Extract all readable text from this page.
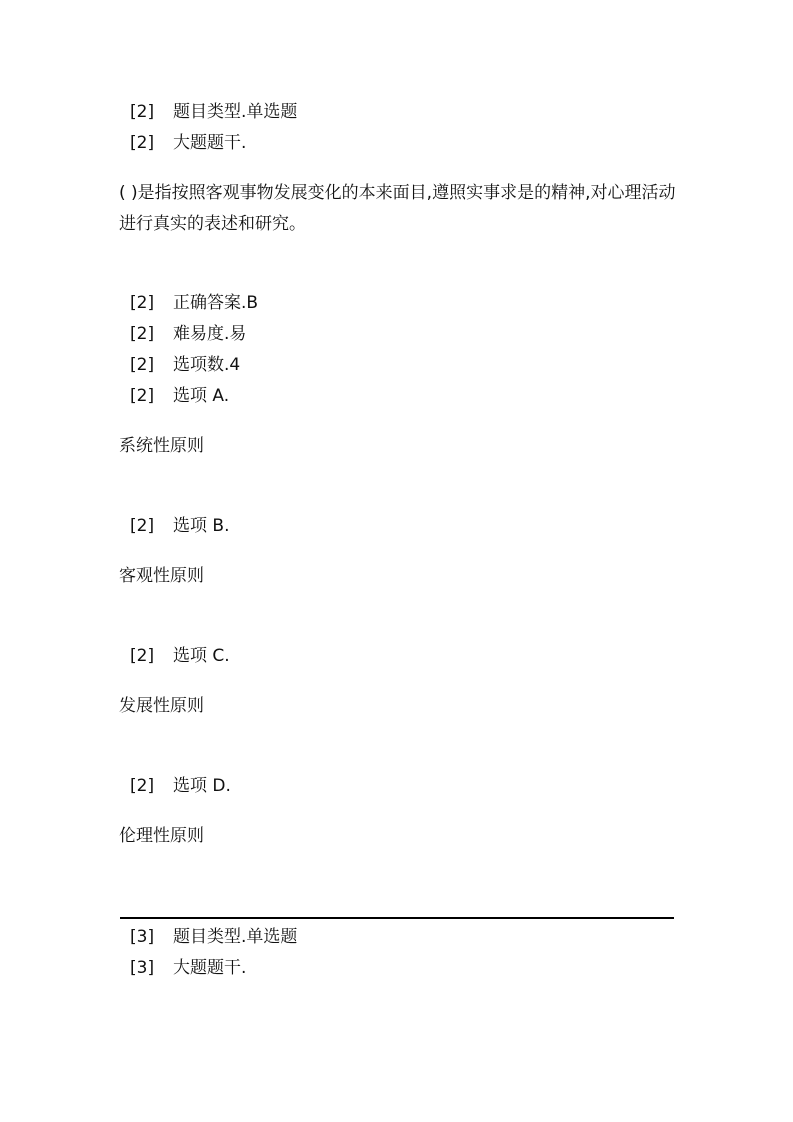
[2] 题目类型.单选题
[2] 大题题干.
( )是指按照客观事物发展变化的本来面目,遵照实事求是的精神,对心理活动进行真实的表述和研究。
[2] 正确答案.B
[2] 难易度.易
[2] 选项数.4
[2] 选项 A.
系统性原则
[2] 选项 B.
客观性原则
[2] 选项 C.
发展性原则
[2] 选项 D.
伦理性原则
[3] 题目类型.单选题
[3] 大题题干.
